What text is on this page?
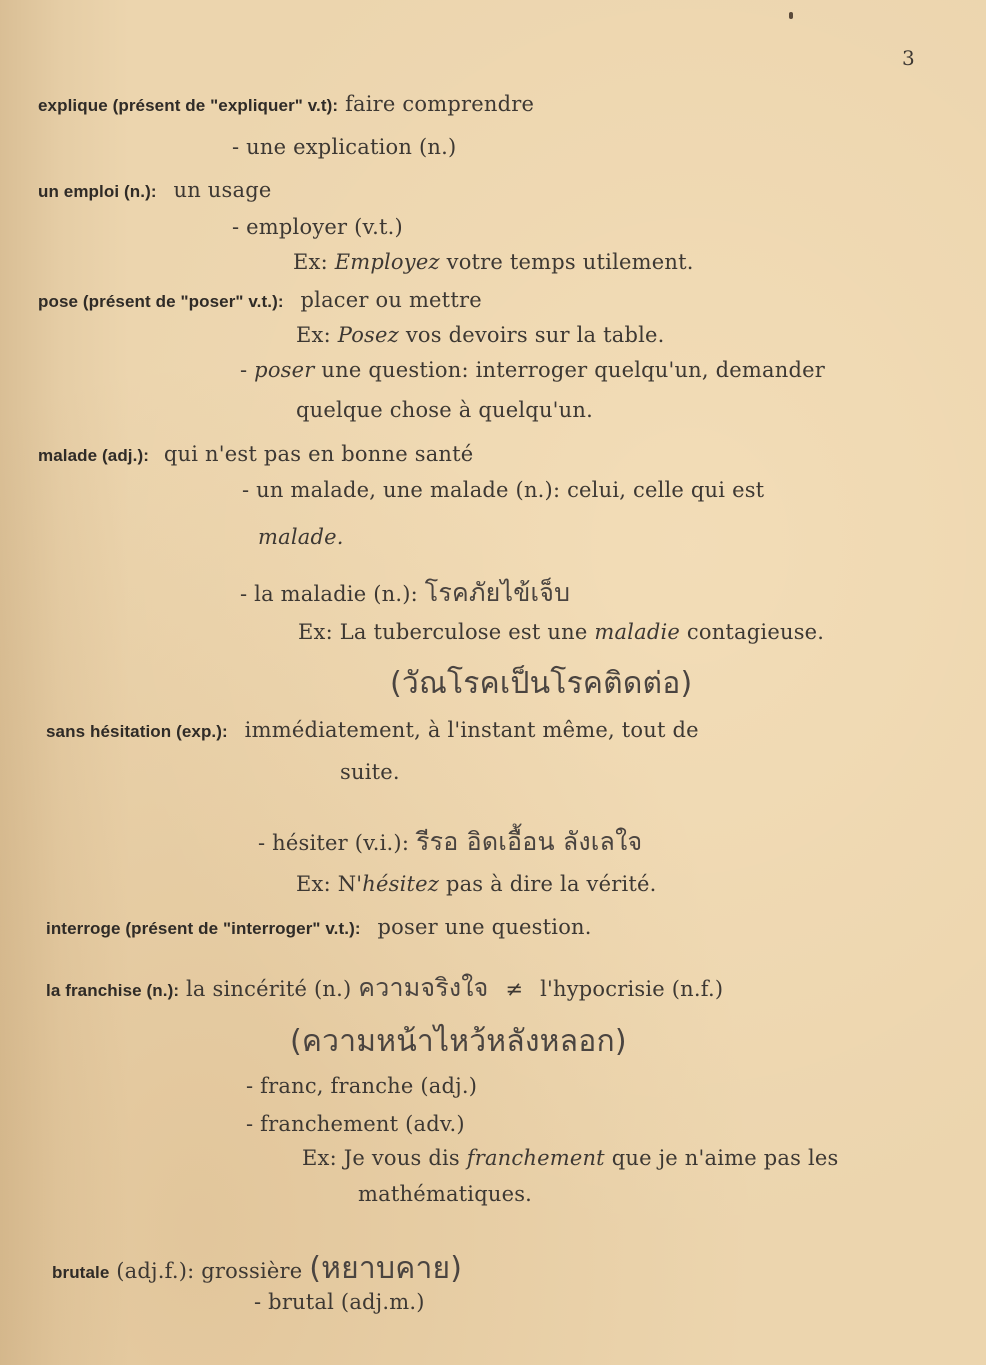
3
explique (présent de "expliquer" v.t): faire comprendre
- une explication (n.)
un emploi (n.): un usage
- employer (v.t.)
Ex: Employez votre temps utilement.
pose (présent de "poser" v.t.): placer ou mettre
Ex: Posez vos devoirs sur la table.
- poser une question: interroger quelqu'un, demander
quelque chose à quelqu'un.
malade (adj.): qui n'est pas en bonne santé
- un malade, une malade (n.): celui, celle qui est
malade.
- la maladie (n.): โรคภัยไข้เจ็บ
Ex: La tuberculose est une maladie contagieuse.
(วัณโรคเป็นโรคติดต่อ)
sans hésitation (exp.): immédiatement, à l'instant même, tout de
suite.
- hésiter (v.i.): รีรอ อิดเอื้อน ลังเลใจ
Ex: N'hésitez pas à dire la vérité.
interroge (présent de "interroger" v.t.): poser une question.
la franchise (n.): la sincérité (n.) ความจริงใจ ≠ l'hypocrisie (n.f.)
(ความหน้าไหว้หลังหลอก)
- franc, franche (adj.)
- franchement (adv.)
Ex: Je vous dis franchement que je n'aime pas les
mathématiques.
brutale (adj.f.): grossière (หยาบคาย)
- brutal (adj.m.)
